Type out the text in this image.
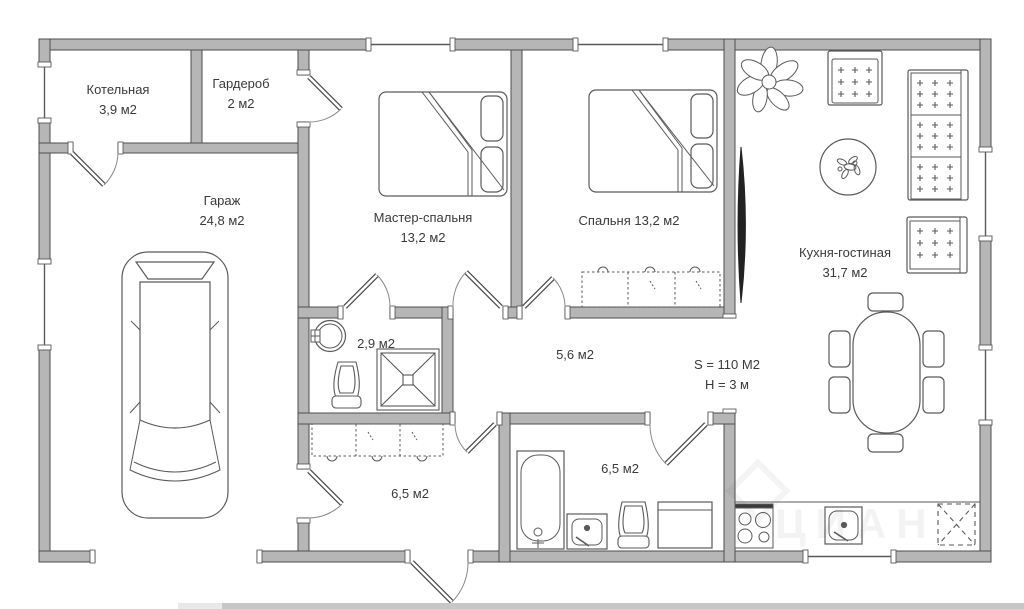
Котельная
3,9 м2
Гардероб
2 м2
Гараж
24,8 м2	Мастер-спальня
13,2 м2
Спальня 13,2 м2
Кухня-гостиная
31,7 м2
2,9 м2
5,6 м2
S = 110 М2
Н = 3 м
6,5 м2
6,5 м2
ЦИАН
